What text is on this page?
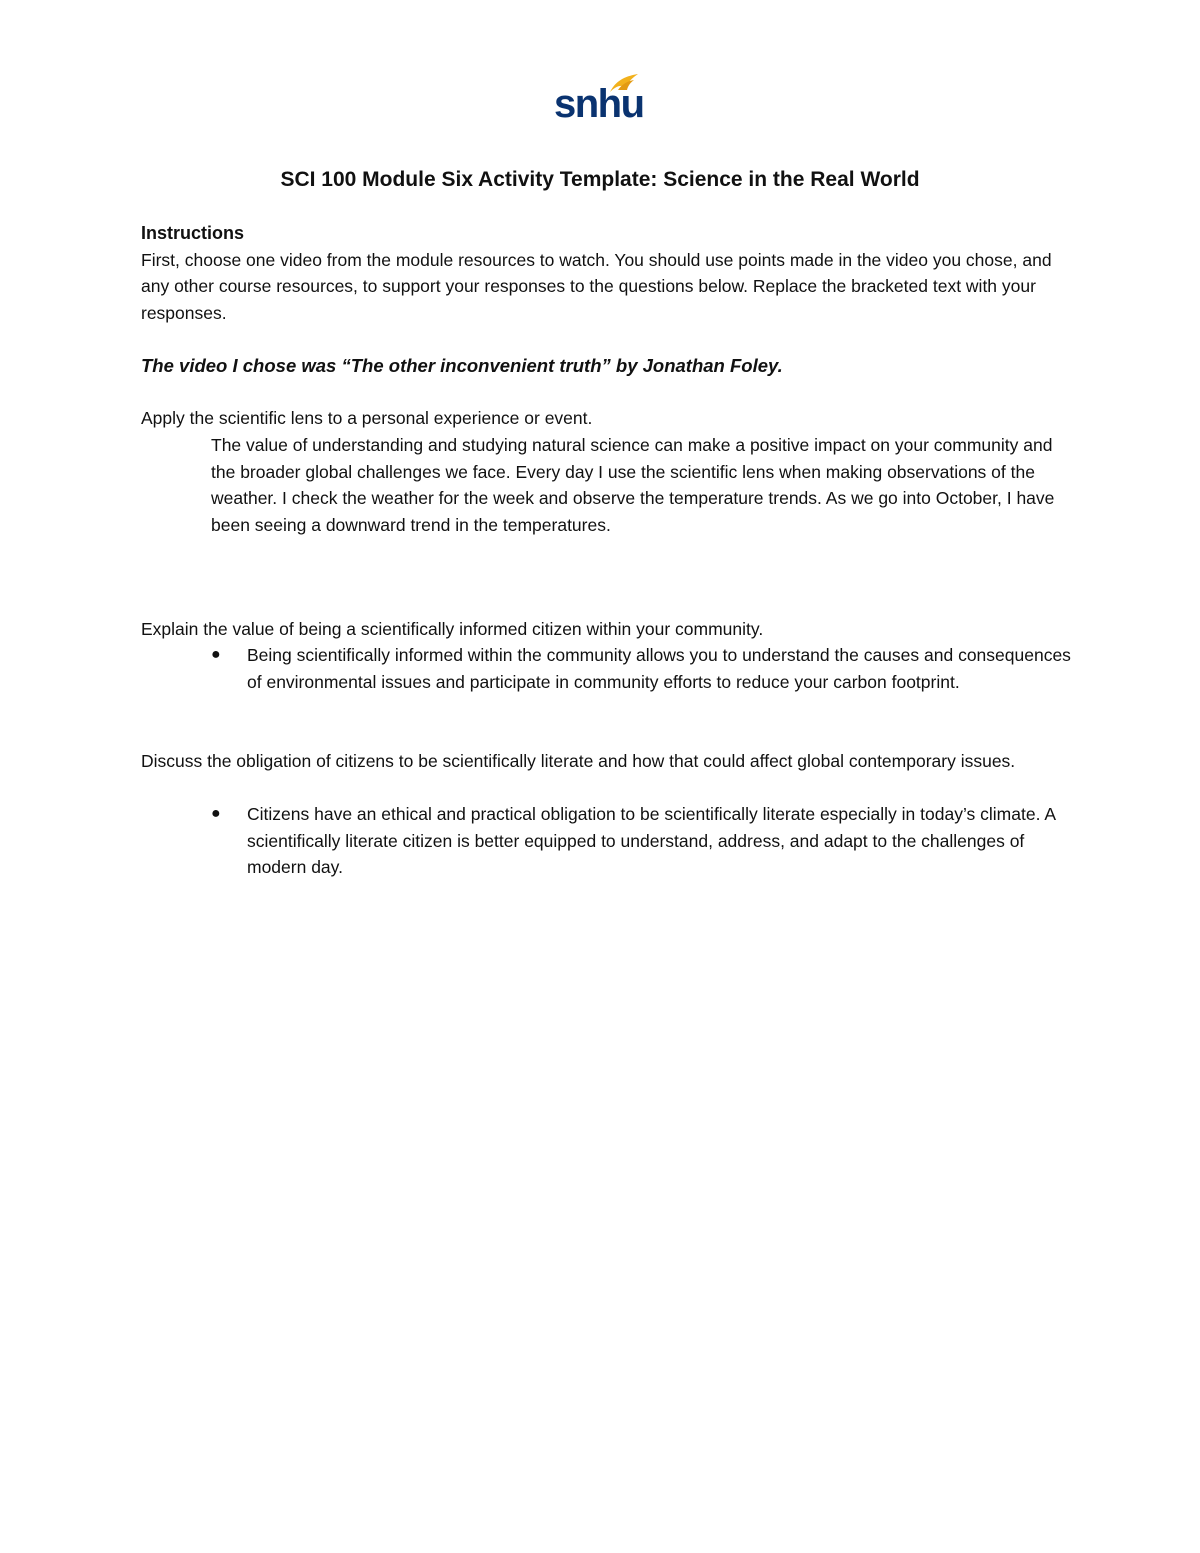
snhu
SCI 100 Module Six Activity Template: Science in the Real World
Instructions
First, choose one video from the module resources to watch. You should use points made in the video you chose, and any other course resources, to support your responses to the questions below. Replace the bracketed text with your responses.
The video I chose was “The other inconvenient truth” by Jonathan Foley.
Apply the scientific lens to a personal experience or event.
The value of understanding and studying natural science can make a positive impact on your community and the broader global challenges we face. Every day I use the scientific lens when making observations of the weather. I check the weather for the week and observe the temperature trends. As we go into October, I have been seeing a downward trend in the temperatures.
Explain the value of being a scientifically informed citizen within your community.
●	Being scientifically informed within the community allows you to understand the causes and consequences of environmental issues and participate in community efforts to reduce your carbon footprint.
Discuss the obligation of citizens to be scientifically literate and how that could affect global contemporary issues.
●	Citizens have an ethical and practical obligation to be scientifically literate especially in today’s climate. A scientifically literate citizen is better equipped to understand, address, and adapt to the challenges of modern day.
